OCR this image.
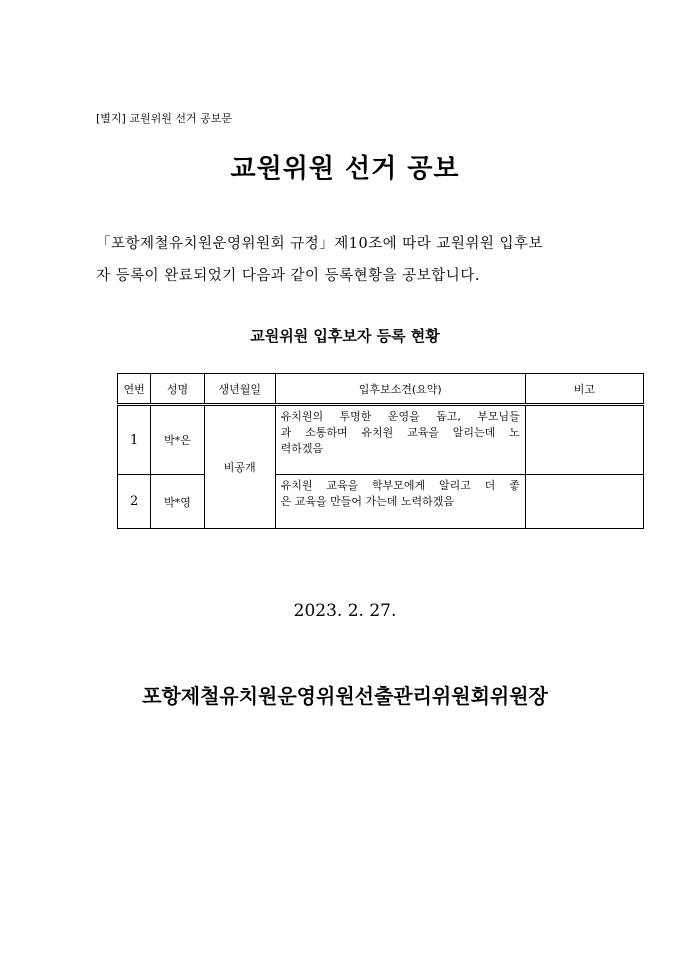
[별지] 교원위원 선거 공보문
교원위원 선거 공보
「포항제철유치원운영위원회 규정」제10조에 따라 교원위원 입후보
자 등록이 완료되었기 다음과 같이 등록현황을 공보합니다.
교원위원 입후보자 등록 현황
연번	성명	생년월일	입후보소견(요약)	비고
1	박*은	비공개	유치원의 투명한 운영을 돕고, 부모님들
과 소통하며 유치원 교육을 알리는데 노
력하겠음	

2	박*영		유치원 교육을 학부모에게 알리고 더 좋
은 교육을 만들어 가는데 노력하겠음	

2023. 2. 27.
포항제철유치원운영위원선출관리위원회위원장
